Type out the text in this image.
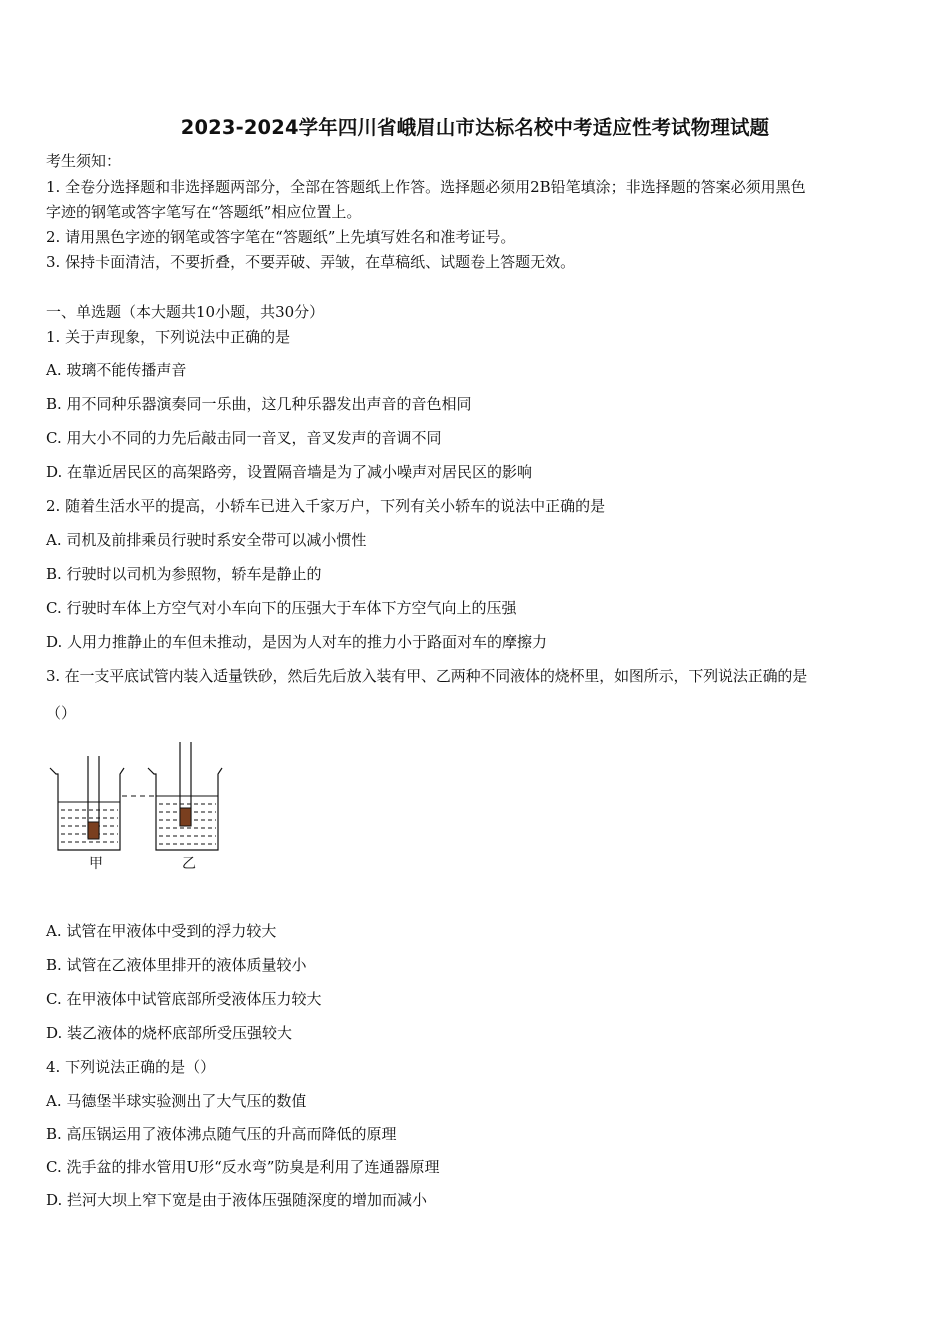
2023-2024学年四川省峨眉山市达标名校中考适应性考试物理试题
考生须知：
1. 全卷分选择题和非选择题两部分，全部在答题纸上作答。选择题必须用2B铅笔填涂；非选择题的答案必须用黑色
字迹的钢笔或答字笔写在“答题纸”相应位置上。
2. 请用黑色字迹的钢笔或答字笔在“答题纸”上先填写姓名和准考证号。
3. 保持卡面清洁，不要折叠，不要弄破、弄皱，在草稿纸、试题卷上答题无效。
一、单选题（本大题共10小题，共30分）
1. 关于声现象，下列说法中正确的是
A. 玻璃不能传播声音
B. 用不同种乐器演奏同一乐曲，这几种乐器发出声音的音色相同
C. 用大小不同的力先后敲击同一音叉，音叉发声的音调不同
D. 在靠近居民区的高架路旁，设置隔音墙是为了减小噪声对居民区的影响
2. 随着生活水平的提高，小轿车已进入千家万户，下列有关小轿车的说法中正确的是
A. 司机及前排乘员行驶时系安全带可以减小惯性
B. 行驶时以司机为参照物，轿车是静止的
C. 行驶时车体上方空气对小车向下的压强大于车体下方空气向上的压强
D. 人用力推静止的车但未推动，是因为人对车的推力小于路面对车的摩擦力
3. 在一支平底试管内装入适量铁砂，然后先后放入装有甲、乙两种不同液体的烧杯里，如图所示，下列说法正确的是
（）
甲	乙
A. 试管在甲液体中受到的浮力较大
B. 试管在乙液体里排开的液体质量较小
C. 在甲液体中试管底部所受液体压力较大
D. 装乙液体的烧杯底部所受压强较大
4. 下列说法正确的是（）
A. 马德堡半球实验测出了大气压的数值
B. 高压锅运用了液体沸点随气压的升高而降低的原理
C. 洗手盆的排水管用U形“反水弯”防臭是利用了连通器原理
D. 拦河大坝上窄下宽是由于液体压强随深度的增加而减小
